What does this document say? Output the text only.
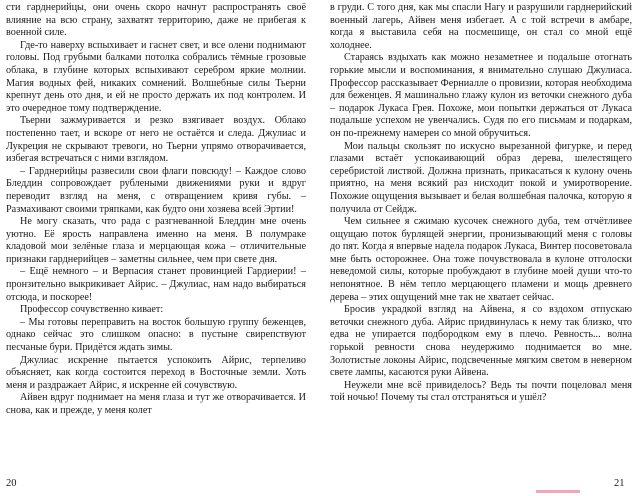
сти гарднерийцы, они очень скоро начнут распространять своё влияние на всю страну, захватят территорию, даже не прибегая к военной силе.

Где-то наверху вспыхивает и гаснет свет, и все олени поднимают головы. Под грубыми балками потолка собрались тёмные грозовые облака, в глубине которых вспыхивают серебром яркие молнии. Магия водных фей, никаких сомнений. Волшебные силы Тьерни крепнут день ото дня, и ей не просто держать их под контролем. И это очередное тому подтверждение.

Тьерни зажмуривается и резко взягивает воздух. Облако постепенно тает, и вскоре от него не остаётся и следа. Джулиас и Лукреция не скрывают тревоги, но Тьерни упрямо отворачивается, избегая встречаться с ними взглядом.

– Гарднерийцы развесили свои флаги повсюду! – Каждое слово Бледдин сопровождает рублеными движениями руки и вдруг переводит взгляд на меня, с отвращением кривя губы. – Размахивают своими тряпками, как будто они хозяева всей Эртии!

Не могу сказать, что рада с разгневанной Бледдин мне очень уютно. Её ярость направлена именно на меня. В полумраке кладовой мои зелёные глаза и мерцающая кожа – отличительные признаки гарднерийцев – заметны сильнее, чем при свете дня.

– Ещё немного – и Верпасия станет провинцией Гардиерии! – пронзительно выкрикивает Айрис. – Джулиас, нам надо выбираться отсюда, и поскорее!

Профессор сочувственно кивает:

– Мы готовы переправить на восток большую группу беженцев, однако сейчас это слишком опасно: в пустыне свирепствуют песчаные бури. Придётся ждать зимы.

Джулиас искренне пытается успокоить Айрис, терпеливо объясняет, как когда состоится переход в Восточные земли. Хоть меня и раздражает Айрис, я искренне ей сочувствую.

Айвен вдруг поднимает на меня глаза и тут же отворачивается. И снова, как и прежде, у меня колет

в груди. С того дня, как мы спасли Нагу и разрушили гарднерийский военный лагерь, Айвен меня избегает. А с той встречи в амбаре, когда я выставила себя на посмешище, он стал со мной ещё холоднее.

Стараясь вздыхать как можно незаметнее и подальше отогнать горькие мысли и воспоминания, я внимательно слушаю Джулиаса. Профессор рассказывает Ферниалле о провизии, которая необходима для беженцев. Я машинально глажу кулон из веточки снежного дуба – подарок Лукаса Грея. Похоже, мои попытки держаться от Лукаса подальше успехом не увенчались. Судя по его письмам и подаркам, он по-прежнему намерен со мной обручиться.

Мои пальцы скользят по искусно вырезанной фигурке, и перед глазами встаёт успокаивающий образ дерева, шелестящего серебристой листвой. Должна признать, прикасаться к кулону очень приятно, на меня всякий раз нисходит покой и умиротворение. Похожие ощущения вызывает и белая волшебная палочка, которую я получила от Сейдж.

Чем сильнее я сжимаю кусочек снежного дуба, тем отчётливее ощущаю поток бурлящей энергии, пронизывающий меня с головы до пят. Когда я впервые надела подарок Лукаса, Винтер посоветовала мне быть осторожнее. Она тоже почувствовала в кулоне отголоски неведомой силы, которые пробуждают в глубине моей души что-то непонятное. В нём тепло мерцающего пламени и мощь древнего дерева – этих ощущений мне так не хватает сейчас.

Бросив украдкой взгляд на Айвена, я со вздохом отпускаю веточки снежного дуба. Айрис придвинулась к нему так близко, что едва не упирается подбородком ему в плечо. Ревность... волна горькой ревности снова неудержимо поднимается во мне. Золотистые локоны Айрис, подсвеченные мягким светом в неверном свете лампы, касаются руки Айвена.

Неужели мне всё привиделось? Ведь ты почти поцеловал меня той ночью! Почему ты стал отстраняться и ушёл?

20	21
